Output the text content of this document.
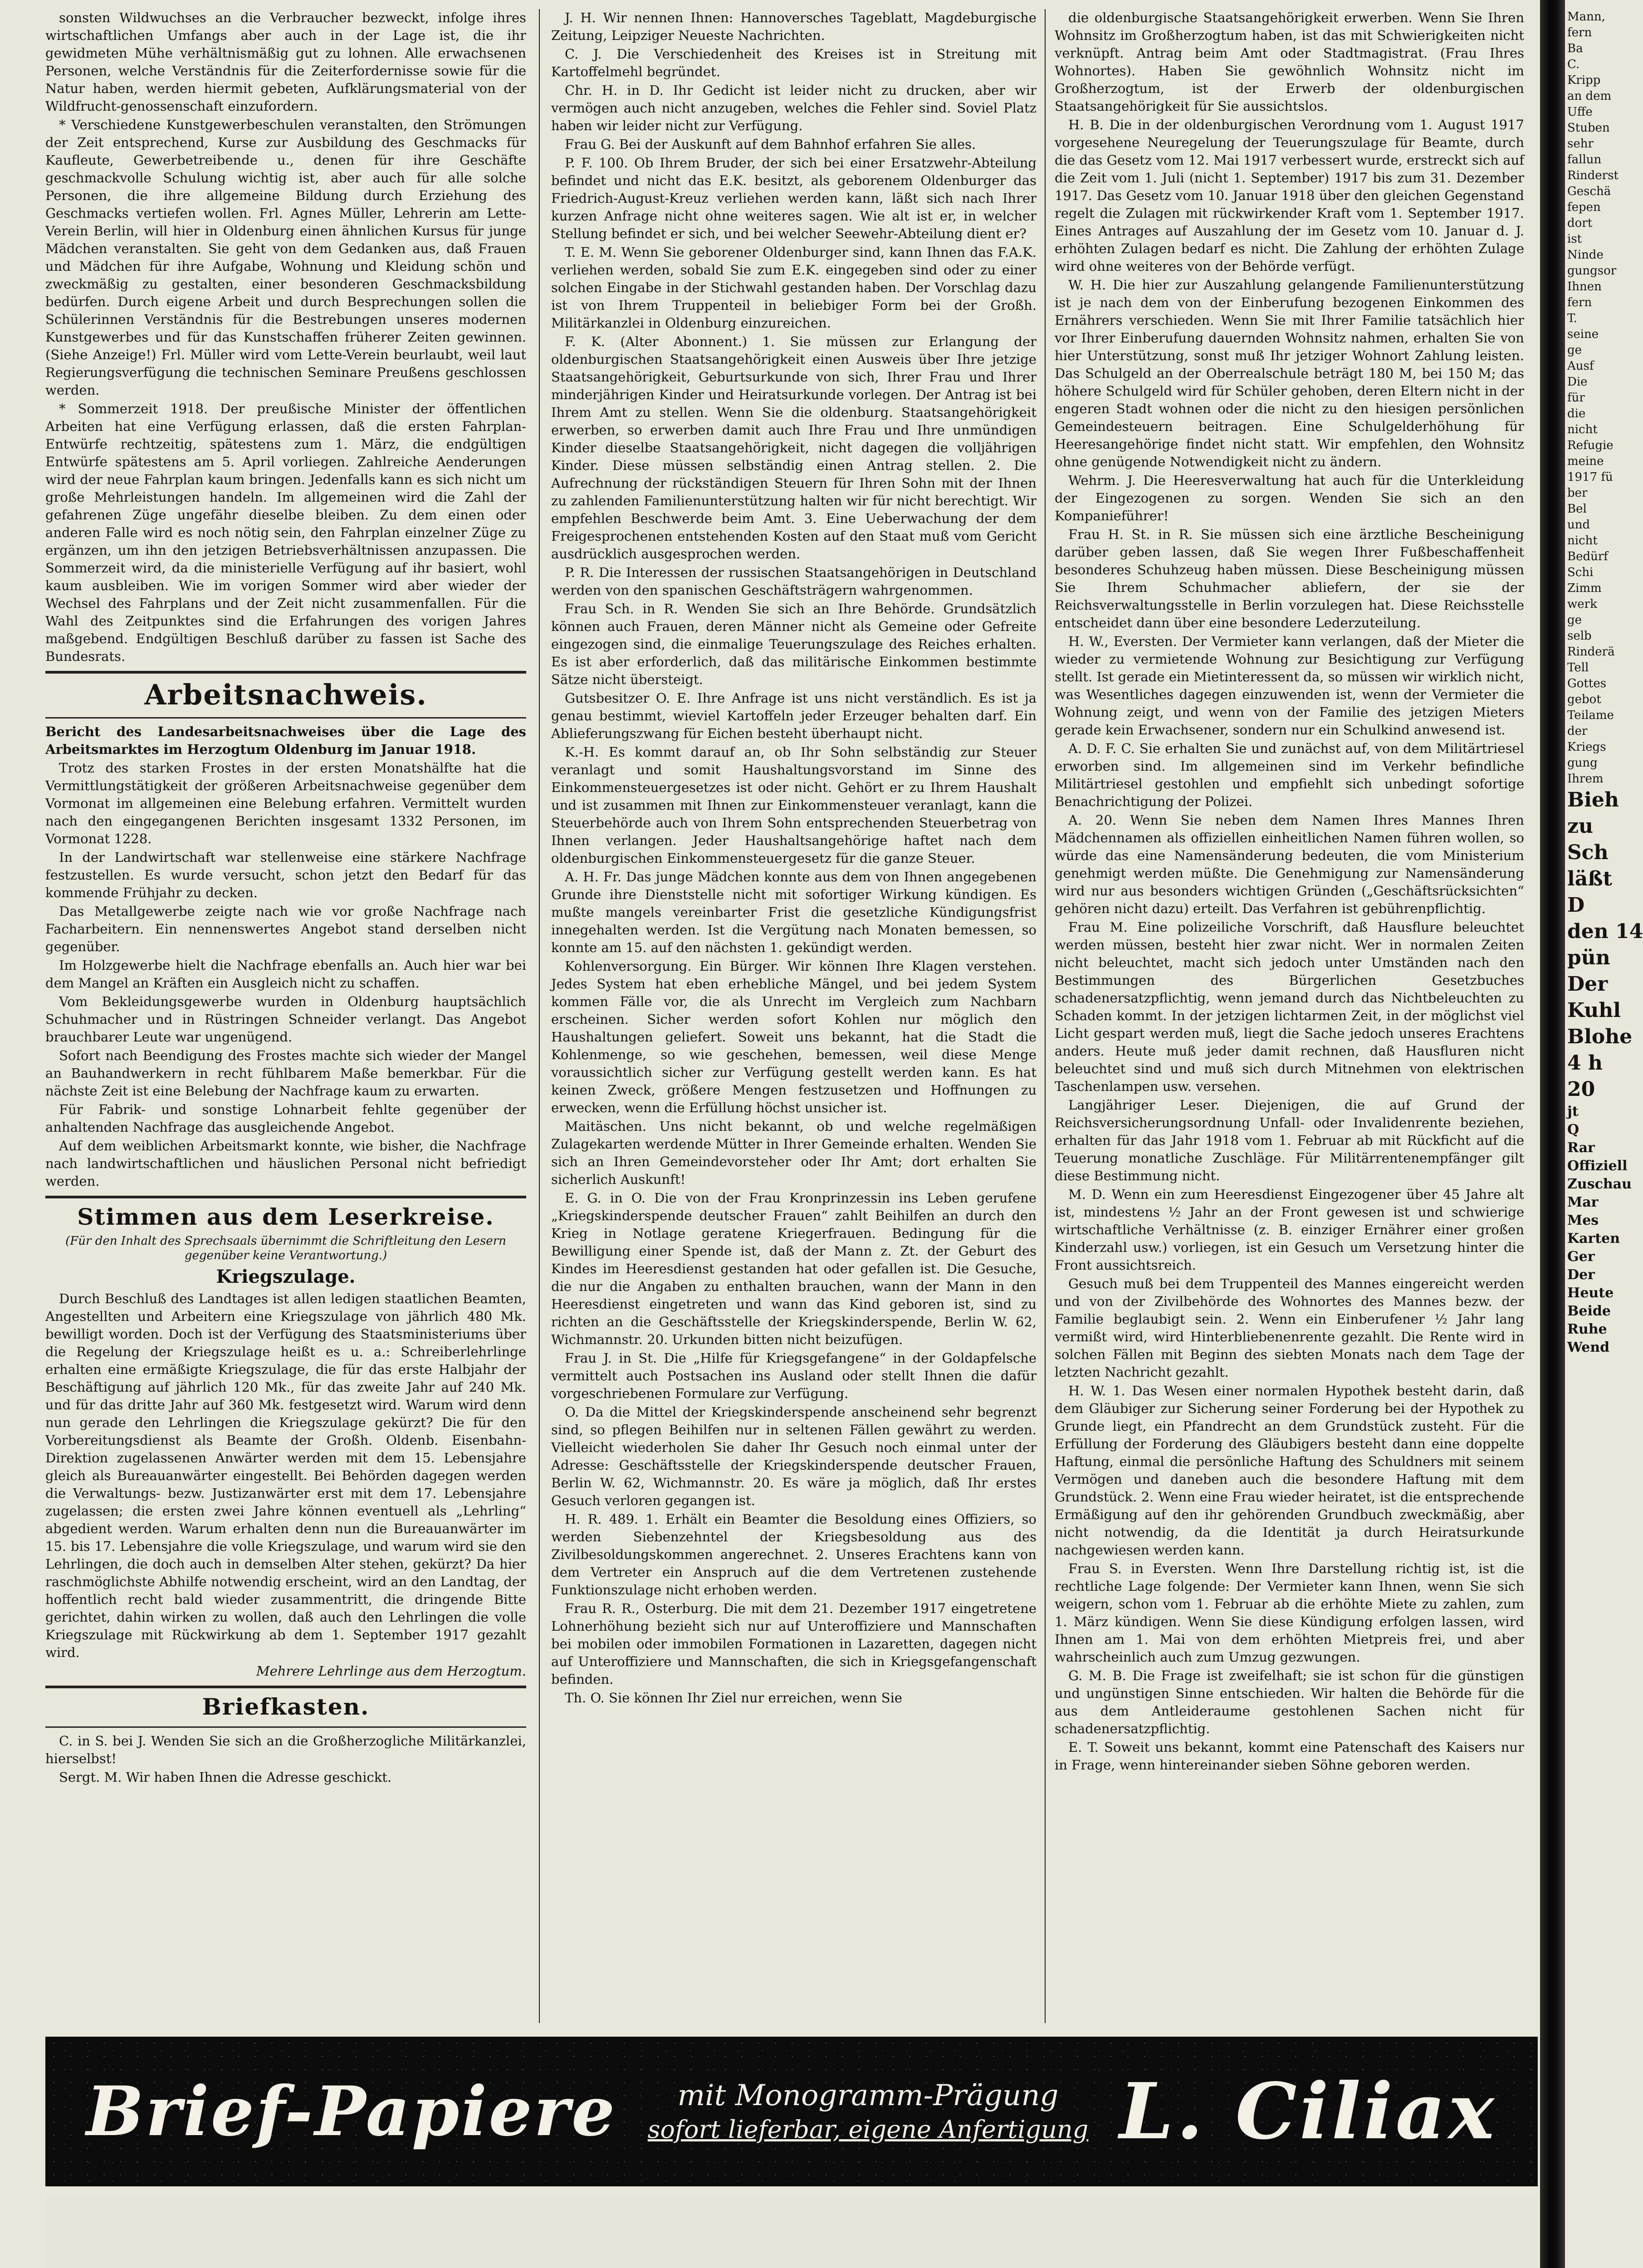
sonsten Wildwuchses an die Verbraucher bezweckt, infolge ihres wirtschaftlichen Umfangs aber auch in der Lage ist, die ihr gewidmeten Mühe verhältnismäßig gut zu lohnen. Alle erwachsenen Personen, welche Verständnis für die Zeiterfordernisse sowie für die Natur haben, werden hiermit gebeten, Aufklärungsmaterial von der Wildfrucht-genossenschaft einzufordern.

* Verschiedene Kunstgewerbeschulen veranstalten, den Strömungen der Zeit entsprechend, Kurse zur Ausbildung des Geschmacks für Kaufleute, Gewerbetreibende u., denen für ihre Geschäfte geschmackvolle Schulung wichtig ist, aber auch für alle solche Personen, die ihre allgemeine Bildung durch Erziehung des Geschmacks vertiefen wollen. Frl. Agnes Müller, Lehrerin am Lette-Verein Berlin, will hier in Oldenburg einen ähnlichen Kursus für junge Mädchen veranstalten. Sie geht von dem Gedanken aus, daß Frauen und Mädchen für ihre Aufgabe, Wohnung und Kleidung schön und zweckmäßig zu gestalten, einer besonderen Geschmacksbildung bedürfen. Durch eigene Arbeit und durch Besprechungen sollen die Schülerinnen Verständnis für die Bestrebungen unseres modernen Kunstgewerbes und für das Kunstschaffen früherer Zeiten gewinnen. (Siehe Anzeige!) Frl. Müller wird vom Lette-Verein beurlaubt, weil laut Regierungsverfügung die technischen Seminare Preußens geschlossen werden.

* Sommerzeit 1918. Der preußische Minister der öffentlichen Arbeiten hat eine Verfügung erlassen, daß die ersten Fahrplan-Entwürfe rechtzeitig, spätestens zum 1. März, die endgültigen Entwürfe spätestens am 5. April vorliegen. Zahlreiche Aenderungen wird der neue Fahrplan kaum bringen. Jedenfalls kann es sich nicht um große Mehrleistungen handeln. Im allgemeinen wird die Zahl der gefahrenen Züge ungefähr dieselbe bleiben. Zu dem einen oder anderen Falle wird es noch nötig sein, den Fahrplan einzelner Züge zu ergänzen, um ihn den jetzigen Betriebsverhältnissen anzupassen. Die Sommerzeit wird, da die ministerielle Verfügung auf ihr basiert, wohl kaum ausbleiben. Wie im vorigen Sommer wird aber wieder der Wechsel des Fahrplans und der Zeit nicht zusammenfallen. Für die Wahl des Zeitpunktes sind die Erfahrungen des vorigen Jahres maßgebend. Endgültigen Beschluß darüber zu fassen ist Sache des Bundesrats.

Arbeitsnachweis.

Bericht des Landesarbeitsnachweises über die Lage des Arbeitsmarktes im Herzogtum Oldenburg im Januar 1918.

Trotz des starken Frostes in der ersten Monatshälfte hat die Vermittlungstätigkeit der größeren Arbeitsnachweise gegenüber dem Vormonat im allgemeinen eine Belebung erfahren. Vermittelt wurden nach den eingegangenen Berichten insgesamt 1332 Personen, im Vormonat 1228.

In der Landwirtschaft war stellenweise eine stärkere Nachfrage festzustellen. Es wurde versucht, schon jetzt den Bedarf für das kommende Frühjahr zu decken.

Das Metallgewerbe zeigte nach wie vor große Nachfrage nach Facharbeitern. Ein nennenswertes Angebot stand derselben nicht gegenüber.

Im Holzgewerbe hielt die Nachfrage ebenfalls an. Auch hier war bei dem Mangel an Kräften ein Ausgleich nicht zu schaffen.

Vom Bekleidungsgewerbe wurden in Oldenburg hauptsächlich Schuhmacher und in Rüstringen Schneider verlangt. Das Angebot brauchbarer Leute war ungenügend.

Sofort nach Beendigung des Frostes machte sich wieder der Mangel an Bauhandwerkern in recht fühlbarem Maße bemerkbar. Für die nächste Zeit ist eine Belebung der Nachfrage kaum zu erwarten.

Für Fabrik- und sonstige Lohnarbeit fehlte gegenüber der anhaltenden Nachfrage das ausgleichende Angebot.

Auf dem weiblichen Arbeitsmarkt konnte, wie bisher, die Nachfrage nach landwirtschaftlichen und häuslichen Personal nicht befriedigt werden.

Stimmen aus dem Leserkreise.
(Für den Inhalt des Sprechsaals übernimmt die Schriftleitung den Lesern gegenüber keine Verantwortung.)
Kriegszulage.

Durch Beschluß des Landtages ist allen ledigen staatlichen Beamten, Angestellten und Arbeitern eine Kriegszulage von jährlich 480 Mk. bewilligt worden. Doch ist der Verfügung des Staatsministeriums über die Regelung der Kriegszulage heißt es u. a.: Schreiberlehrlinge erhalten eine ermäßigte Kriegszulage, die für das erste Halbjahr der Beschäftigung auf jährlich 120 Mk., für das zweite Jahr auf 240 Mk. und für das dritte Jahr auf 360 Mk. festgesetzt wird. Warum wird denn nun gerade den Lehrlingen die Kriegszulage gekürzt? Die für den Vorbereitungsdienst als Beamte der Großh. Oldenb. Eisenbahn-Direktion zugelassenen Anwärter werden mit dem 15. Lebensjahre gleich als Bureauanwärter eingestellt. Bei Behörden dagegen werden die Verwaltungs- bezw. Justizanwärter erst mit dem 17. Lebensjahre zugelassen; die ersten zwei Jahre können eventuell als „Lehrling“ abgedient werden. Warum erhalten denn nun die Bureauanwärter im 15. bis 17. Lebensjahre die volle Kriegszulage, und warum wird sie den Lehrlingen, die doch auch in demselben Alter stehen, gekürzt? Da hier raschmöglichste Abhilfe notwendig erscheint, wird an den Landtag, der hoffentlich recht bald wieder zusammentritt, die dringende Bitte gerichtet, dahin wirken zu wollen, daß auch den Lehrlingen die volle Kriegszulage mit Rückwirkung ab dem 1. September 1917 gezahlt wird.

Mehrere Lehrlinge aus dem Herzogtum.

Briefkasten.

C. in S. bei J. Wenden Sie sich an die Großherzogliche Militärkanzlei, hierselbst!

Sergt. M. Wir haben Ihnen die Adresse geschickt.

J. H. Wir nennen Ihnen: Hannoversches Tageblatt, Magdeburgische Zeitung, Leipziger Neueste Nachrichten.

C. J. Die Verschiedenheit des Kreises ist in Streitung mit Kartoffelmehl begründet.

Chr. H. in D. Ihr Gedicht ist leider nicht zu drucken, aber wir vermögen auch nicht anzugeben, welches die Fehler sind. Soviel Platz haben wir leider nicht zur Verfügung.

Frau G. Bei der Auskunft auf dem Bahnhof erfahren Sie alles.

P. F. 100. Ob Ihrem Bruder, der sich bei einer Ersatzwehr-Abteilung befindet und nicht das E.K. besitzt, als geborenem Oldenburger das Friedrich-August-Kreuz verliehen werden kann, läßt sich nach Ihrer kurzen Anfrage nicht ohne weiteres sagen. Wie alt ist er, in welcher Stellung befindet er sich, und bei welcher Seewehr-Abteilung dient er?

T. E. M. Wenn Sie geborener Oldenburger sind, kann Ihnen das F.A.K. verliehen werden, sobald Sie zum E.K. eingegeben sind oder zu einer solchen Eingabe in der Stichwahl gestanden haben. Der Vorschlag dazu ist von Ihrem Truppenteil in beliebiger Form bei der Großh. Militärkanzlei in Oldenburg einzureichen.

F. K. (Alter Abonnent.) 1. Sie müssen zur Erlangung der oldenburgischen Staatsangehörigkeit einen Ausweis über Ihre jetzige Staatsangehörigkeit, Geburtsurkunde von sich, Ihrer Frau und Ihrer minderjährigen Kinder und Heiratsurkunde vorlegen. Der Antrag ist bei Ihrem Amt zu stellen. Wenn Sie die oldenburg. Staatsangehörigkeit erwerben, so erwerben damit auch Ihre Frau und Ihre unmündigen Kinder dieselbe Staatsangehörigkeit, nicht dagegen die volljährigen Kinder. Diese müssen selbständig einen Antrag stellen. 2. Die Aufrechnung der rückständigen Steuern für Ihren Sohn mit der Ihnen zu zahlenden Familienunterstützung halten wir für nicht berechtigt. Wir empfehlen Beschwerde beim Amt. 3. Eine Ueberwachung der dem Freigesprochenen entstehenden Kosten auf den Staat muß vom Gericht ausdrücklich ausgesprochen werden.

P. R. Die Interessen der russischen Staatsangehörigen in Deutschland werden von den spanischen Geschäftsträgern wahrgenommen.

Frau Sch. in R. Wenden Sie sich an Ihre Behörde. Grundsätzlich können auch Frauen, deren Männer nicht als Gemeine oder Gefreite eingezogen sind, die einmalige Teuerungszulage des Reiches erhalten. Es ist aber erforderlich, daß das militärische Einkommen bestimmte Sätze nicht übersteigt.

Gutsbesitzer O. E. Ihre Anfrage ist uns nicht verständlich. Es ist ja genau bestimmt, wieviel Kartoffeln jeder Erzeuger behalten darf. Ein Ablieferungszwang für Eichen besteht überhaupt nicht.

K.-H. Es kommt darauf an, ob Ihr Sohn selbständig zur Steuer veranlagt und somit Haushaltungsvorstand im Sinne des Einkommensteuergesetzes ist oder nicht. Gehört er zu Ihrem Haushalt und ist zusammen mit Ihnen zur Einkommensteuer veranlagt, kann die Steuerbehörde auch von Ihrem Sohn entsprechenden Steuerbetrag von Ihnen verlangen. Jeder Haushaltsangehörige haftet nach dem oldenburgischen Einkommensteuergesetz für die ganze Steuer.

A. H. Fr. Das junge Mädchen konnte aus dem von Ihnen angegebenen Grunde ihre Dienststelle nicht mit sofortiger Wirkung kündigen. Es mußte mangels vereinbarter Frist die gesetzliche Kündigungsfrist innegehalten werden. Ist die Vergütung nach Monaten bemessen, so konnte am 15. auf den nächsten 1. gekündigt werden.

Kohlenversorgung. Ein Bürger. Wir können Ihre Klagen verstehen. Jedes System hat eben erhebliche Mängel, und bei jedem System kommen Fälle vor, die als Unrecht im Vergleich zum Nachbarn erscheinen. Sicher werden sofort Kohlen nur möglich den Haushaltungen geliefert. Soweit uns bekannt, hat die Stadt die Kohlenmenge, so wie geschehen, bemessen, weil diese Menge voraussichtlich sicher zur Verfügung gestellt werden kann. Es hat keinen Zweck, größere Mengen festzusetzen und Hoffnungen zu erwecken, wenn die Erfüllung höchst unsicher ist.

Maitäschen. Uns nicht bekannt, ob und welche regelmäßigen Zulagekarten werdende Mütter in Ihrer Gemeinde erhalten. Wenden Sie sich an Ihren Gemeindevorsteher oder Ihr Amt; dort erhalten Sie sicherlich Auskunft!

E. G. in O. Die von der Frau Kronprinzessin ins Leben gerufene „Kriegskinderspende deutscher Frauen“ zahlt Beihilfen an durch den Krieg in Notlage geratene Kriegerfrauen. Bedingung für die Bewilligung einer Spende ist, daß der Mann z. Zt. der Geburt des Kindes im Heeresdienst gestanden hat oder gefallen ist. Die Gesuche, die nur die Angaben zu enthalten brauchen, wann der Mann in den Heeresdienst eingetreten und wann das Kind geboren ist, sind zu richten an die Geschäftsstelle der Kriegskinderspende, Berlin W. 62, Wichmannstr. 20. Urkunden bitten nicht beizufügen.

Frau J. in St. Die „Hilfe für Kriegsgefangene“ in der Goldapfelsche vermittelt auch Postsachen ins Ausland oder stellt Ihnen die dafür vorgeschriebenen Formulare zur Verfügung.

O. Da die Mittel der Kriegskinderspende anscheinend sehr begrenzt sind, so pflegen Beihilfen nur in seltenen Fällen gewährt zu werden. Vielleicht wiederholen Sie daher Ihr Gesuch noch einmal unter der Adresse: Geschäftsstelle der Kriegskinderspende deutscher Frauen, Berlin W. 62, Wichmannstr. 20. Es wäre ja möglich, daß Ihr erstes Gesuch verloren gegangen ist.

H. R. 489. 1. Erhält ein Beamter die Besoldung eines Offiziers, so werden Siebenzehntel der Kriegsbesoldung aus des Zivilbesoldungskommen angerechnet. 2. Unseres Erachtens kann von dem Vertreter ein Anspruch auf die dem Vertretenen zustehende Funktionszulage nicht erhoben werden.

Frau R. R., Osterburg. Die mit dem 21. Dezember 1917 eingetretene Lohnerhöhung bezieht sich nur auf Unteroffiziere und Mannschaften bei mobilen oder immobilen Formationen in Lazaretten, dagegen nicht auf Unteroffiziere und Mannschaften, die sich in Kriegsgefangenschaft befinden.

Th. O. Sie können Ihr Ziel nur erreichen, wenn Sie

die oldenburgische Staatsangehörigkeit erwerben. Wenn Sie Ihren Wohnsitz im Großherzogtum haben, ist das mit Schwierigkeiten nicht verknüpft. Antrag beim Amt oder Stadtmagistrat. (Frau Ihres Wohnortes). Haben Sie gewöhnlich Wohnsitz nicht im Großherzogtum, ist der Erwerb der oldenburgischen Staatsangehörigkeit für Sie aussichtslos.

H. B. Die in der oldenburgischen Verordnung vom 1. August 1917 vorgesehene Neuregelung der Teuerungszulage für Beamte, durch die das Gesetz vom 12. Mai 1917 verbessert wurde, erstreckt sich auf die Zeit vom 1. Juli (nicht 1. September) 1917 bis zum 31. Dezember 1917. Das Gesetz vom 10. Januar 1918 über den gleichen Gegenstand regelt die Zulagen mit rückwirkender Kraft vom 1. September 1917. Eines Antrages auf Auszahlung der im Gesetz vom 10. Januar d. J. erhöhten Zulagen bedarf es nicht. Die Zahlung der erhöhten Zulage wird ohne weiteres von der Behörde verfügt.

W. H. Die hier zur Auszahlung gelangende Familienunterstützung ist je nach dem von der Einberufung bezogenen Einkommen des Ernährers verschieden. Wenn Sie mit Ihrer Familie tatsächlich hier vor Ihrer Einberufung dauernden Wohnsitz nahmen, erhalten Sie von hier Unterstützung, sonst muß Ihr jetziger Wohnort Zahlung leisten. Das Schulgeld an der Oberrealschule beträgt 180 M, bei 150 M; das höhere Schulgeld wird für Schüler gehoben, deren Eltern nicht in der engeren Stadt wohnen oder die nicht zu den hiesigen persönlichen Gemeindesteuern beitragen. Eine Schulgelderhöhung für Heeresangehörige findet nicht statt. Wir empfehlen, den Wohnsitz ohne genügende Notwendigkeit nicht zu ändern.

Wehrm. J. Die Heeresverwaltung hat auch für die Unterkleidung der Eingezogenen zu sorgen. Wenden Sie sich an den Kompanieführer!

Frau H. St. in R. Sie müssen sich eine ärztliche Bescheinigung darüber geben lassen, daß Sie wegen Ihrer Fußbeschaffenheit besonderes Schuhzeug haben müssen. Diese Bescheinigung müssen Sie Ihrem Schuhmacher abliefern, der sie der Reichsverwaltungsstelle in Berlin vorzulegen hat. Diese Reichsstelle entscheidet dann über eine besondere Lederzuteilung.

H. W., Eversten. Der Vermieter kann verlangen, daß der Mieter die wieder zu vermietende Wohnung zur Besichtigung zur Verfügung stellt. Ist gerade ein Mietinteressent da, so müssen wir wirklich nicht, was Wesentliches dagegen einzuwenden ist, wenn der Vermieter die Wohnung zeigt, und wenn von der Familie des jetzigen Mieters gerade kein Erwachsener, sondern nur ein Schulkind anwesend ist.

A. D. F. C. Sie erhalten Sie und zunächst auf, von dem Militärtriesel erworben sind. Im allgemeinen sind im Verkehr befindliche Militärtriesel gestohlen und empfiehlt sich unbedingt sofortige Benachrichtigung der Polizei.

A. 20. Wenn Sie neben dem Namen Ihres Mannes Ihren Mädchennamen als offiziellen einheitlichen Namen führen wollen, so würde das eine Namensänderung bedeuten, die vom Ministerium genehmigt werden müßte. Die Genehmigung zur Namensänderung wird nur aus besonders wichtigen Gründen („Geschäftsrücksichten“ gehören nicht dazu) erteilt. Das Verfahren ist gebührenpflichtig.

Frau M. Eine polizeiliche Vorschrift, daß Hausflure beleuchtet werden müssen, besteht hier zwar nicht. Wer in normalen Zeiten nicht beleuchtet, macht sich jedoch unter Umständen nach den Bestimmungen des Bürgerlichen Gesetzbuches schadenersatzpflichtig, wenn jemand durch das Nichtbeleuchten zu Schaden kommt. In der jetzigen lichtarmen Zeit, in der möglichst viel Licht gespart werden muß, liegt die Sache jedoch unseres Erachtens anders. Heute muß jeder damit rechnen, daß Hausfluren nicht beleuchtet sind und muß sich durch Mitnehmen von elektrischen Taschenlampen usw. versehen.

Langjähriger Leser. Diejenigen, die auf Grund der Reichsversicherungsordnung Unfall- oder Invalidenrente beziehen, erhalten für das Jahr 1918 vom 1. Februar ab mit Rückficht auf die Teuerung monatliche Zuschläge. Für Militärrentenempfänger gilt diese Bestimmung nicht.

M. D. Wenn ein zum Heeresdienst Eingezogener über 45 Jahre alt ist, mindestens ½ Jahr an der Front gewesen ist und schwierige wirtschaftliche Verhältnisse (z. B. einziger Ernährer einer großen Kinderzahl usw.) vorliegen, ist ein Gesuch um Versetzung hinter die Front aussichtsreich.

Gesuch muß bei dem Truppenteil des Mannes eingereicht werden und von der Zivilbehörde des Wohnortes des Mannes bezw. der Familie beglaubigt sein. 2. Wenn ein Einberufener ½ Jahr lang vermißt wird, wird Hinterbliebenenrente gezahlt. Die Rente wird in solchen Fällen mit Beginn des siebten Monats nach dem Tage der letzten Nachricht gezahlt.

H. W. 1. Das Wesen einer normalen Hypothek besteht darin, daß dem Gläubiger zur Sicherung seiner Forderung bei der Hypothek zu Grunde liegt, ein Pfandrecht an dem Grundstück zusteht. Für die Erfüllung der Forderung des Gläubigers besteht dann eine doppelte Haftung, einmal die persönliche Haftung des Schuldners mit seinem Vermögen und daneben auch die besondere Haftung mit dem Grundstück. 2. Wenn eine Frau wieder heiratet, ist die entsprechende Ermäßigung auf den ihr gehörenden Grundbuch zweckmäßig, aber nicht notwendig, da die Identität ja durch Heiratsurkunde nachgewiesen werden kann.

Frau S. in Eversten. Wenn Ihre Darstellung richtig ist, ist die rechtliche Lage folgende: Der Vermieter kann Ihnen, wenn Sie sich weigern, schon vom 1. Februar ab die erhöhte Miete zu zahlen, zum 1. März kündigen. Wenn Sie diese Kündigung erfolgen lassen, wird Ihnen am 1. Mai von dem erhöhten Mietpreis frei, und aber wahrscheinlich auch zum Umzug gezwungen.

G. M. B. Die Frage ist zweifelhaft; sie ist schon für die günstigen und ungünstigen Sinne entschieden. Wir halten die Behörde für die aus dem Antleideraume gestohlenen Sachen nicht für schadenersatzpflichtig.

E. T. Soweit uns bekannt, kommt eine Patenschaft des Kaisers nur in Frage, wenn hintereinander sieben Söhne geboren werden.

Mann,
fern
Ba
C.
Kripp
an dem
Uffe
Stuben
sehr
fallun
Rinderst
Geschä
fepen
dort
ist
Ninde
gungsor
Ihnen
fern
T.
seine
ge
Ausf
Die
für
die
nicht
Refugie
meine
1917 fü
ber
Bel
und
nicht
Bedürf
Schi
Zimm
werk
ge
selb
Rinderä
Tell
Gottes
gebot
Teilame
der
Kriegs
gung
Ihrem
Bieh
zu
Sch
läßt
D
den 14
pün
Der
Kuhl
Blohe
4 h
20
jt
Q
Rar
Offiziell
Zuschau
Mar
Mes
Karten
Ger
Der
Heute
Beide
Ruhe
Wend
Brief-Papiere	mit Monogramm-Prägung
sofort lieferbar, eigene Anfertigung L. Ciliax
